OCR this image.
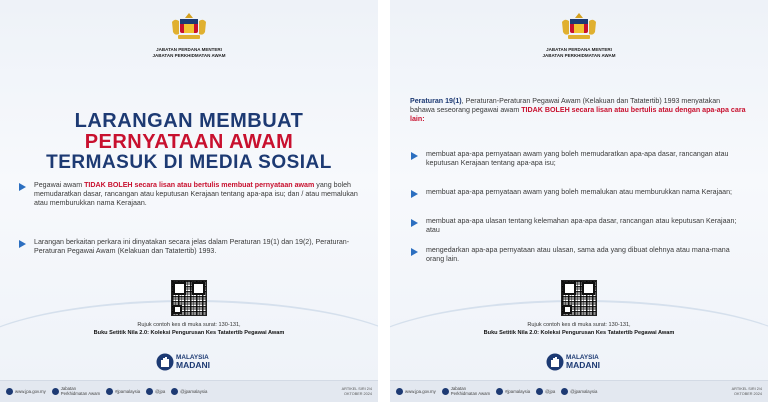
JABATAN PERDANA MENTERI
JABATAN PERKHIDMATAN AWAM
LARANGAN MEMBUAT
PERNYATAAN AWAM
TERMASUK DI MEDIA SOSIAL
Pegawai awam TIDAK BOLEH secara lisan atau bertulis membuat pernyataan awam yang boleh memudaratkan dasar, rancangan atau keputusan Kerajaan tentang apa-apa isu; dan / atau memalukan atau memburukkan nama Kerajaan.
Larangan berkaitan perkara ini dinyatakan secara jelas dalam Peraturan 19(1) dan 19(2), Peraturan-Peraturan Pegawai Awam (Kelakuan dan Tatatertib) 1993.
Rujuk contoh kes di muka surat: 130-131,
Buku Setitik Nila 2.0: Koleksi Pengurusan Kes Tatatertib Pegawai Awam
MALAYSIA
MADANI
www.jpa.gov.my
Jabatan
Perkhidmatan Awam	#jpamalaysia	@jpa	@jpamalaysia
ARTIKEL SIRI 2/4
OKTOBER 2024
JABATAN PERDANA MENTERI
JABATAN PERKHIDMATAN AWAM
Peraturan 19(1), Peraturan-Peraturan Pegawai Awam (Kelakuan dan Tatatertib) 1993 menyatakan bahawa seseorang pegawai awam TIDAK BOLEH secara lisan atau bertulis atau dengan apa-apa cara lain:
membuat apa-apa pernyataan awam yang boleh memudaratkan apa-apa dasar, rancangan atau keputusan Kerajaan tentang apa-apa isu;
membuat apa-apa pernyataan awam yang boleh memalukan atau memburukkan nama Kerajaan;
membuat apa-apa ulasan tentang kelemahan apa-apa dasar, rancangan atau keputusan Kerajaan; atau
mengedarkan apa-apa pernyataan atau ulasan, sama ada yang dibuat olehnya atau mana-mana orang lain.
Rujuk contoh kes di muka surat: 130-131,
Buku Setitik Nila 2.0: Koleksi Pengurusan Kes Tatatertib Pegawai Awam
MALAYSIA
MADANI
www.jpa.gov.my
Jabatan
Perkhidmatan Awam	#jpamalaysia	@jpa	@jpamalaysia
ARTIKEL SIRI 2/4
OKTOBER 2024
